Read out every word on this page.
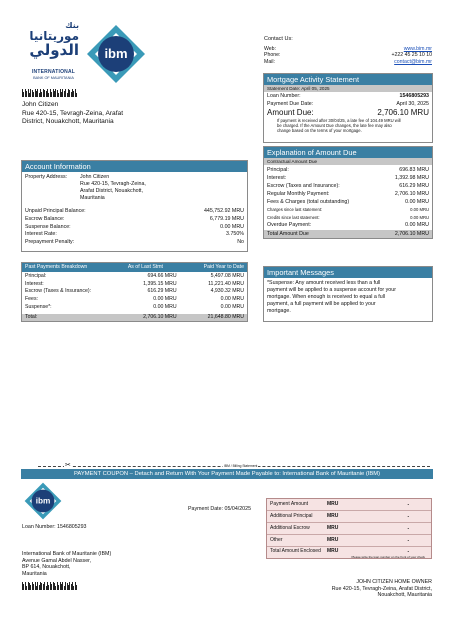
بنك
موريتانيا
الدولي
INTERNATIONAL
BANK OF MAURITANIA
ibm
Contact Us:
Web:	www.bim.mr
Phone:	+222 45 25 10 10
Mail:	contact@bim.mr
John Citizen
Rue 420-15, Tevragh-Zeina, Arafat
District, Nouakchott, Mauritania
Mortgage Activity Statement
Statement Date: April 05, 2025
Loan Number:	1546805293
Payment Due Date:	April 30, 2025
Amount Due:	2,706.10 MRU
If payment is received after 30/04/25, a late fee of 104.49 MRU will
be charged. If the Amount Due changes, the late fee may also
change based on the terms of your mortgage.
Explanation of Amount Due
Contractual Amount Due
Principal:	696.83 MRU
Interest:	1,392.98 MRU
Escrow (Taxes and Insurance):	616.29 MRU
Regular Monthly Payment:	2,706.10 MRU
Fees & Charges (total outstanding)	0.00 MRU
Charges since last statement:	0.00 MRU
Credits since last statement:	0.00 MRU
Overdue Payment:	0.00 MRU
Total Amount Due	2,706.10 MRU
Account Information
Property Address:	John Citizen
Rue 420-15, Tevragh-Zeina,
Arafat District, Nouakchott,
Mauritania
Unpaid Principal Balance:	445,752.92 MRU
Escrow Balance:	6,779.19 MRU
Suspense Balance:	0.00 MRU
Interest Rate:	3.750%
Prepayment Penalty:	No
Past Payments Breakdown	As of Last Stmt	Paid Year to Date
Principal:	694.66 MRU	5,497.08 MRU
Interest:	1,395.15 MRU	11,221.40 MRU
Escrow (Taxes & Insurance):	616.29 MRU	4,930.32 MRU
Fees:	0.00 MRU	0.00 MRU
Suspense*:	0.00 MRU	0.00 MRU
Total:	2,706.10 MRU	21,648.80 MRU
Important Messages
*Suspense: Any amount received less than a full
payment will be applied to a suspense account for your
mortgage. When enough is received to equal a full
payment, a full payment will be applied to your
mortgage.
✂	IBM / Billing Statement
PAYMENT COUPON – Detach and Return With Your Payment Made Payable to: International Bank of Mauritanie (IBM)
ibm
Loan Number: 1546805293
Payment Date: 05/04/2025
Payment Amount	MRU	.
Additional Principal	MRU	.
Additional Escrow	MRU	.
Other	MRU	.
Total Amount Enclosed	MRU	.
Please write the loan number on the front of your check
International Bank of Mauritanie (IBM)
Avenue Gamal Abdel Nasser,
BP 614, Nouakchott,
Mauritania
JOHN CITIZEN HOME OWNER
Rue 420-15, Tevragh-Zeina, Arafat District,
Nouakchott, Mauritania
